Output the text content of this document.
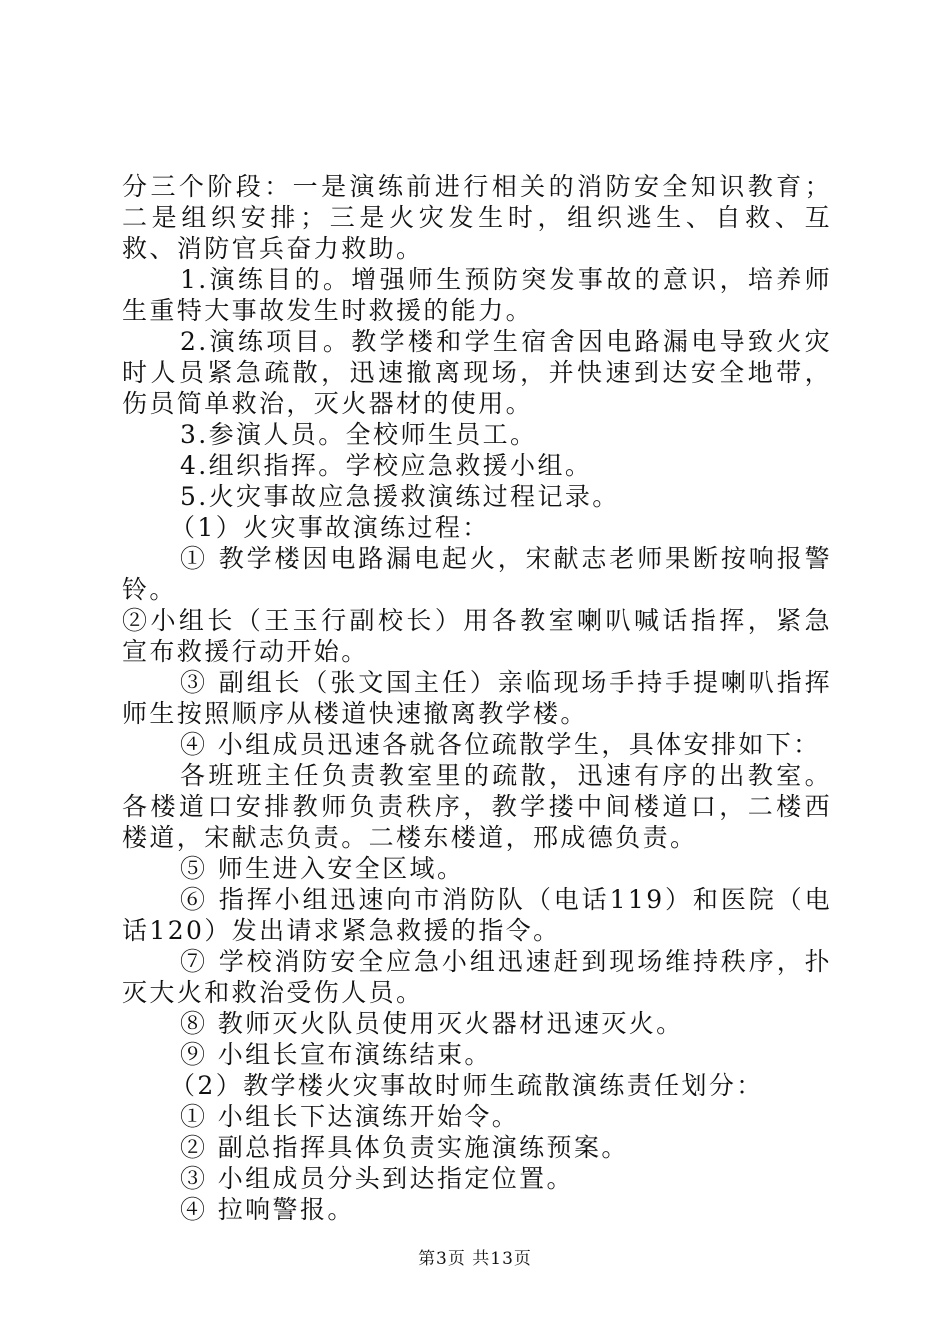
分三个阶段：一是演练前进行相关的消防安全知识教育；二是组织安排；三是火灾发生时，组织逃生、自救、互救、消防官兵奋力救助。

1.演练目的。增强师生预防突发事故的意识，培养师生重特大事故发生时救援的能力。

2.演练项目。教学楼和学生宿舍因电路漏电导致火灾时人员紧急疏散，迅速撤离现场，并快速到达安全地带，伤员简单救治，灭火器材的使用。

3.参演人员。全校师生员工。

4.组织指挥。学校应急救援小组。

5.火灾事故应急援救演练过程记录。

（1）火灾事故演练过程：

① 教学楼因电路漏电起火，宋献志老师果断按响报警铃。

②小组长（王玉行副校长）用各教室喇叭喊话指挥，紧急宣布救援行动开始。

③ 副组长（张文国主任）亲临现场手持手提喇叭指挥师生按照顺序从楼道快速撤离教学楼。

④ 小组成员迅速各就各位疏散学生，具体安排如下：

各班班主任负责教室里的疏散，迅速有序的出教室。各楼道口安排教师负责秩序，教学搂中间楼道口，二楼西楼道，宋献志负责。二楼东楼道，邢成德负责。

⑤ 师生进入安全区域。

⑥ 指挥小组迅速向市消防队（电话119）和医院（电话120）发出请求紧急救援的指令。

⑦ 学校消防安全应急小组迅速赶到现场维持秩序，扑灭大火和救治受伤人员。

⑧ 教师灭火队员使用灭火器材迅速灭火。

⑨ 小组长宣布演练结束。

（2）教学楼火灾事故时师生疏散演练责任划分：

① 小组长下达演练开始令。

② 副总指挥具体负责实施演练预案。

③ 小组成员分头到达指定位置。

④ 拉响警报。

第3页 共13页
